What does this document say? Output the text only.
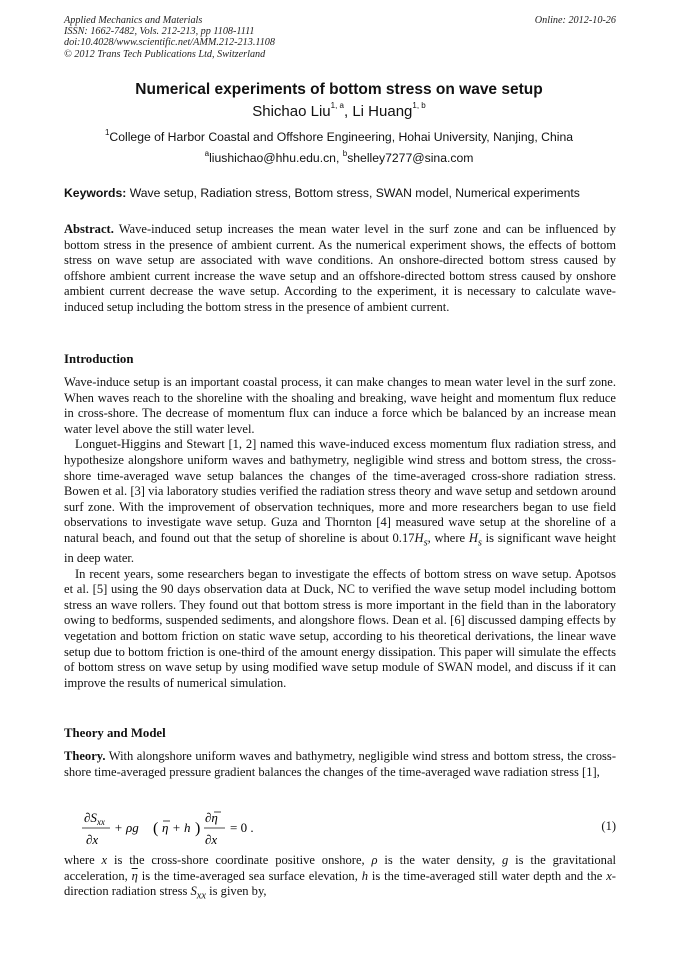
Applied Mechanics and Materials
ISSN: 1662-7482, Vols. 212-213, pp 1108-1111
doi:10.4028/www.scientific.net/AMM.212-213.1108
© 2012 Trans Tech Publications Ltd, Switzerland
Online: 2012-10-26
Numerical experiments of bottom stress on wave setup
Shichao Liu$^{1, a}$, Li Huang$^{1, b}$
$^1$College of Harbor Coastal and Offshore Engineering, Hohai University, Nanjing, China
$^a$liushichao@hhu.edu.cn, $^b$shelley7277@sina.com
Keywords: Wave setup, Radiation stress, Bottom stress, SWAN model, Numerical experiments

Abstract. Wave-induced setup increases the mean water level in the surf zone and can be influenced by bottom stress in the presence of ambient current. As the numerical experiment shows, the effects of bottom stress on wave setup are associated with wave conditions. An onshore-directed bottom stress caused by offshore ambient current increase the wave setup and an offshore-directed bottom stress caused by onshore ambient current decrease the wave setup. According to the experiment, it is necessary to calculate wave-induced setup including the bottom stress in the presence of ambient current.

Introduction

Wave-induce setup is an important coastal process, it can make changes to mean water level in the surf zone. When waves reach to the shoreline with the shoaling and breaking, wave height and momentum flux reduce in cross-shore. The decrease of momentum flux can induce a force which be balanced by an increase mean water level above the still water level.

Longuet-Higgins and Stewart [1, 2] named this wave-induced excess momentum flux radiation stress, and hypothesize alongshore uniform waves and bathymetry, negligible wind stress and bottom stress, the cross-shore time-averaged wave setup balances the changes of the time-averaged cross-shore radiation stress. Bowen et al. [3] via laboratory studies verified the radiation stress theory and wave setup and setdown around surf zone. With the improvement of observation techniques, more and more researchers began to use field observations to investigate wave setup. Guza and Thornton [4] measured wave setup at the shoreline of a natural beach, and found out that the setup of shoreline is about $0.17H_s$, where $H_s$ is significant wave height in deep water.

In recent years, some researchers began to investigate the effects of bottom stress on wave setup. Apotsos et al. [5] using the 90 days observation data at Duck, NC to verified the wave setup model including bottom stress an wave rollers. They found out that bottom stress is more important in the field than in the laboratory owing to bedforms, suspended sediments, and alongshore flows. Dean et al. [6] discussed damping effects by vegetation and bottom friction on static wave setup, according to his theoretical derivations, the linear wave setup due to bottom friction is one-third of the amount energy dissipation. This paper will simulate the effects of bottom stress on wave setup by using modified wave setup module of SWAN model, and discuss if it can improve the results of numerical simulation.

Theory and Model

Theory. With alongshore uniform waves and bathymetry, negligible wind stress and bottom stress, the cross-shore time-averaged pressure gradient balances the changes of the time-averaged wave radiation stress [1],

$\partial S_{xx}$
∂x
+ ρg ( η + h )
∂η
∂x
= 0 .	(1)

where x is the cross-shore coordinate positive onshore, ρ is the water density, g is the gravitational acceleration, $\overline{\eta}$ is the time-averaged sea surface elevation, h is the time-averaged still water depth and the x-direction radiation stress $S_{xx}$ is given by,
